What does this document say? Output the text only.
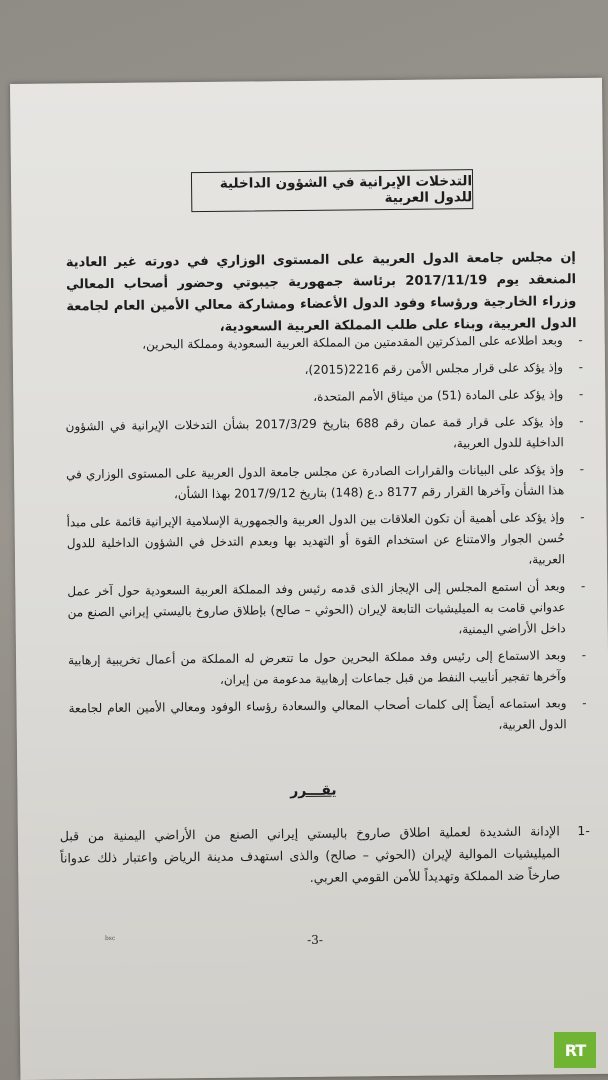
التدخلات الإيرانية في الشؤون الداخلية للدول العربية

إن مجلس جامعة الدول العربية على المستوى الوزاري في دورته غير العادية المنعقد يوم 2017/11/19 برئاسة جمهورية جيبوتي وحضور أصحاب المعالي وزراء الخارجية ورؤساء وفود الدول الأعضاء ومشاركة معالي الأمين العام لجامعة الدول العربية، وبناء على طلب المملكة العربية السعودية،

-
وبعد اطلاعه على المذكرتين المقدمتين من المملكة العربية السعودية ومملكة البحرين،
-
وإذ يؤكد على قرار مجلس الأمن رقم 2216(2015)،
-
وإذ يؤكد على المادة (51) من ميثاق الأمم المتحدة،
-
وإذ يؤكد على قرار قمة عمان رقم 688 بتاريخ 2017/3/29 بشأن التدخلات الإيرانية في الشؤون الداخلية للدول العربية،
-
وإذ يؤكد على البيانات والقرارات الصادرة عن مجلس جامعة الدول العربية على المستوى الوزاري في هذا الشأن وآخرها القرار رقم 8177 د.ع (148) بتاريخ 2017/9/12 بهذا الشأن،
-
وإذ يؤكد على أهمية أن تكون العلاقات بين الدول العربية والجمهورية الإسلامية الإيرانية قائمة على مبدأ حُسن الجوار والامتناع عن استخدام القوة أو التهديد بها وبعدم التدخل في الشؤون الداخلية للدول العربية،
-
وبعد أن استمع المجلس إلى الإيجاز الذى قدمه رئيس وفد المملكة العربية السعودية حول آخر عمل عدواني قامت به الميليشيات التابعة لإيران (الحوثي – صالح) بإطلاق صاروخ باليستي إيراني الصنع من داخل الأراضي اليمنية،
-
وبعد الاستماع إلى رئيس وفد مملكة البحرين حول ما تتعرض له المملكة من أعمال تخريبية إرهابية وآخرها تفجير أنابيب النفط من قبل جماعات إرهابية مدعومة من إيران،
-
وبعد استماعه أيضاً إلى كلمات أصحاب المعالي والسعادة رؤساء الوفود ومعالي الأمين العام لجامعة الدول العربية،
يقـــرر
1-
الإدانة الشديدة لعملية اطلاق صاروخ باليستي إيراني الصنع من الأراضي اليمنية من قبل الميليشيات الموالية لإيران (الحوثي – صالح) والذى استهدف مدينة الرياض واعتبار ذلك عدواناً صارخاً ضد المملكة وتهديداً للأمن القومي العربي.
bsc	-3-
RT
